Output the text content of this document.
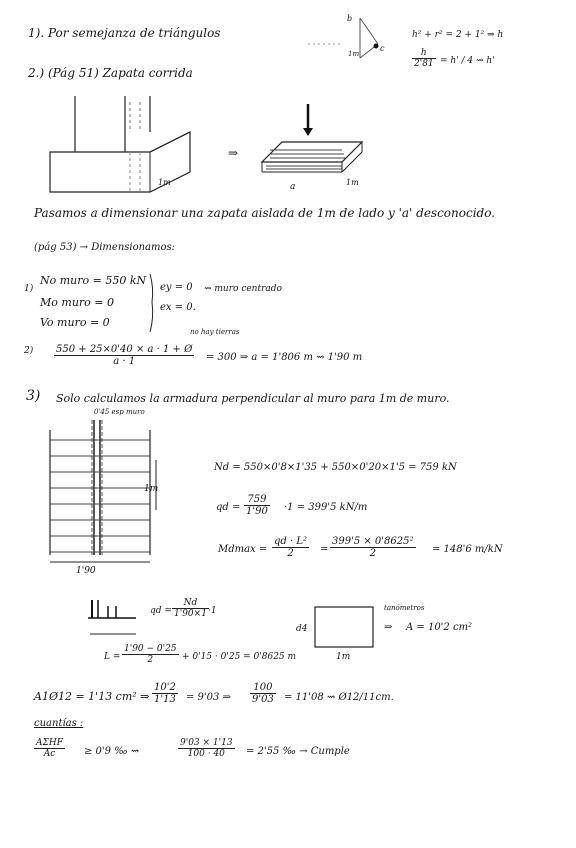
1). Por semejanza de triángulos
b
c
1m
h² + r² = 2 + 1² ⇒ h
$\frac{h}{2'81} = h' / 4$ ⇝ h'
2.) (Pág 51) Zapata corrida
1m
⇒
a	1m
Pasamos a dimensionar una zapata aislada de 1m de lado y 'a' desconocido.
(pág 53) → Dimensionamos:
1)
No muro = 550 kN
Mo muro = 0
Vo muro = 0
ey = 0
ex = 0.
⇝ muro centrado
2)
no hay tierras
$\frac{550 + 25\times 0'40 \times a \cdot 1 + Ø}{a \cdot 1} = 300$ ⇒ a = 1'806 m ⇝ 1'90 m
3) Solo calculamos la armadura perpendicular al muro para 1m de muro.
0'45 esp muro
1m
1'90
Nd = 550×0'8×1'35 + 550×0'20×1'5 = 759 kN
qd = $\frac{759}{1'90} \cdot 1 = 399'5$ kN/m
$Mdmax = \frac{\text{qd · L²}}{2} = \frac{\text{399'5 × 0'8625²}}{2} = 148'6$ m/kN
qd = $\frac{Nd}{1'90\times 1} \cdot 1$
$L = \frac{1'90 - 0'25}{2} + 0'15 \cdot 0'25 = 0'8625$ m
d4
1m
tanómetros
⇒ A = 10'2 cm²
A1Ø12 = 1'13 cm² ⇒ $\frac{10'2}{1'13} = 9'03$ ⇒ $\frac{100}{9'03} = 11'08$ ⇝ Ø12/11cm.
cuantías :
AΣHF
Ac	≥ 0'9 ‰ ⇝	$\frac{9'03 \times 1'13}{100 \cdot 40} = 2'55$ ‰ → Cumple
